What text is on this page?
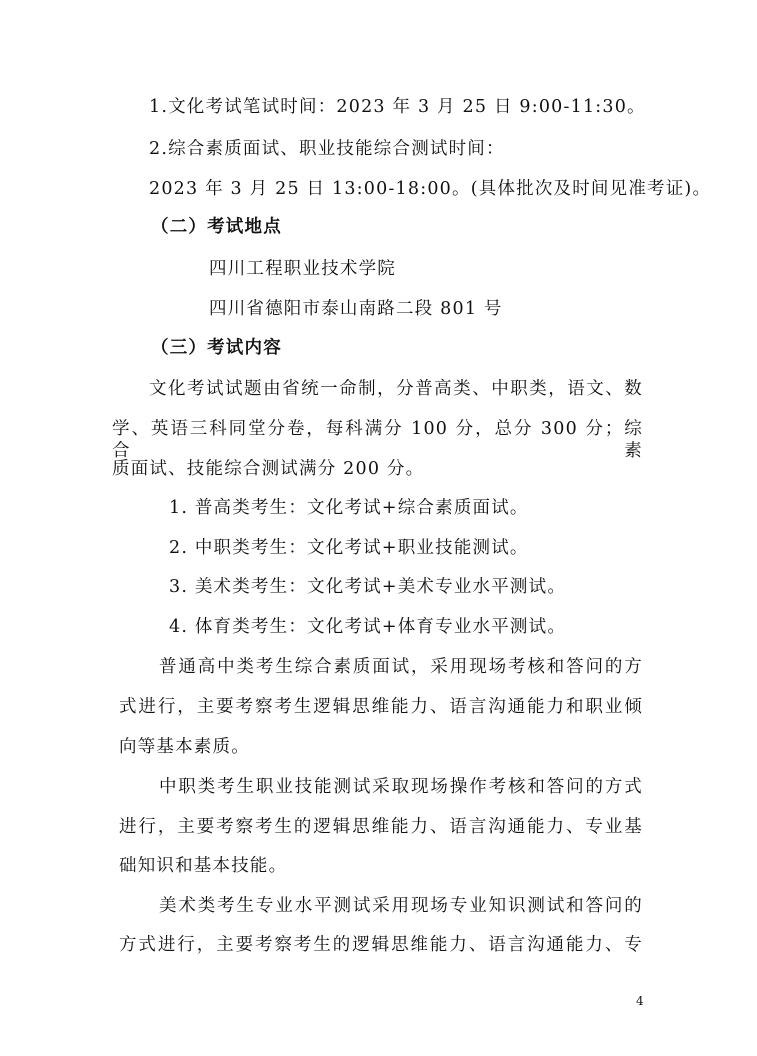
1.文化考试笔试时间：2023 年 3 月 25 日 9:00-11:30。
2.综合素质面试、职业技能综合测试时间：
2023 年 3 月 25 日 13:00-18:00。(具体批次及时间见准考证)。
（二）考试地点
四川工程职业技术学院
四川省德阳市泰山南路二段 801 号
（三）考试内容
文化考试试题由省统一命制，分普高类、中职类，语文、数
学、英语三科同堂分卷，每科满分 100 分，总分 300 分；综合素
质面试、技能综合测试满分 200 分。
1. 普高类考生：文化考试+综合素质面试。
2. 中职类考生：文化考试+职业技能测试。
3. 美术类考生：文化考试+美术专业水平测试。
4. 体育类考生：文化考试+体育专业水平测试。
普通高中类考生综合素质面试，采用现场考核和答问的方
式进行，主要考察考生逻辑思维能力、语言沟通能力和职业倾
向等基本素质。
中职类考生职业技能测试采取现场操作考核和答问的方式
进行，主要考察考生的逻辑思维能力、语言沟通能力、专业基
础知识和基本技能。
美术类考生专业水平测试采用现场专业知识测试和答问的
方式进行，主要考察考生的逻辑思维能力、语言沟通能力、专
4
